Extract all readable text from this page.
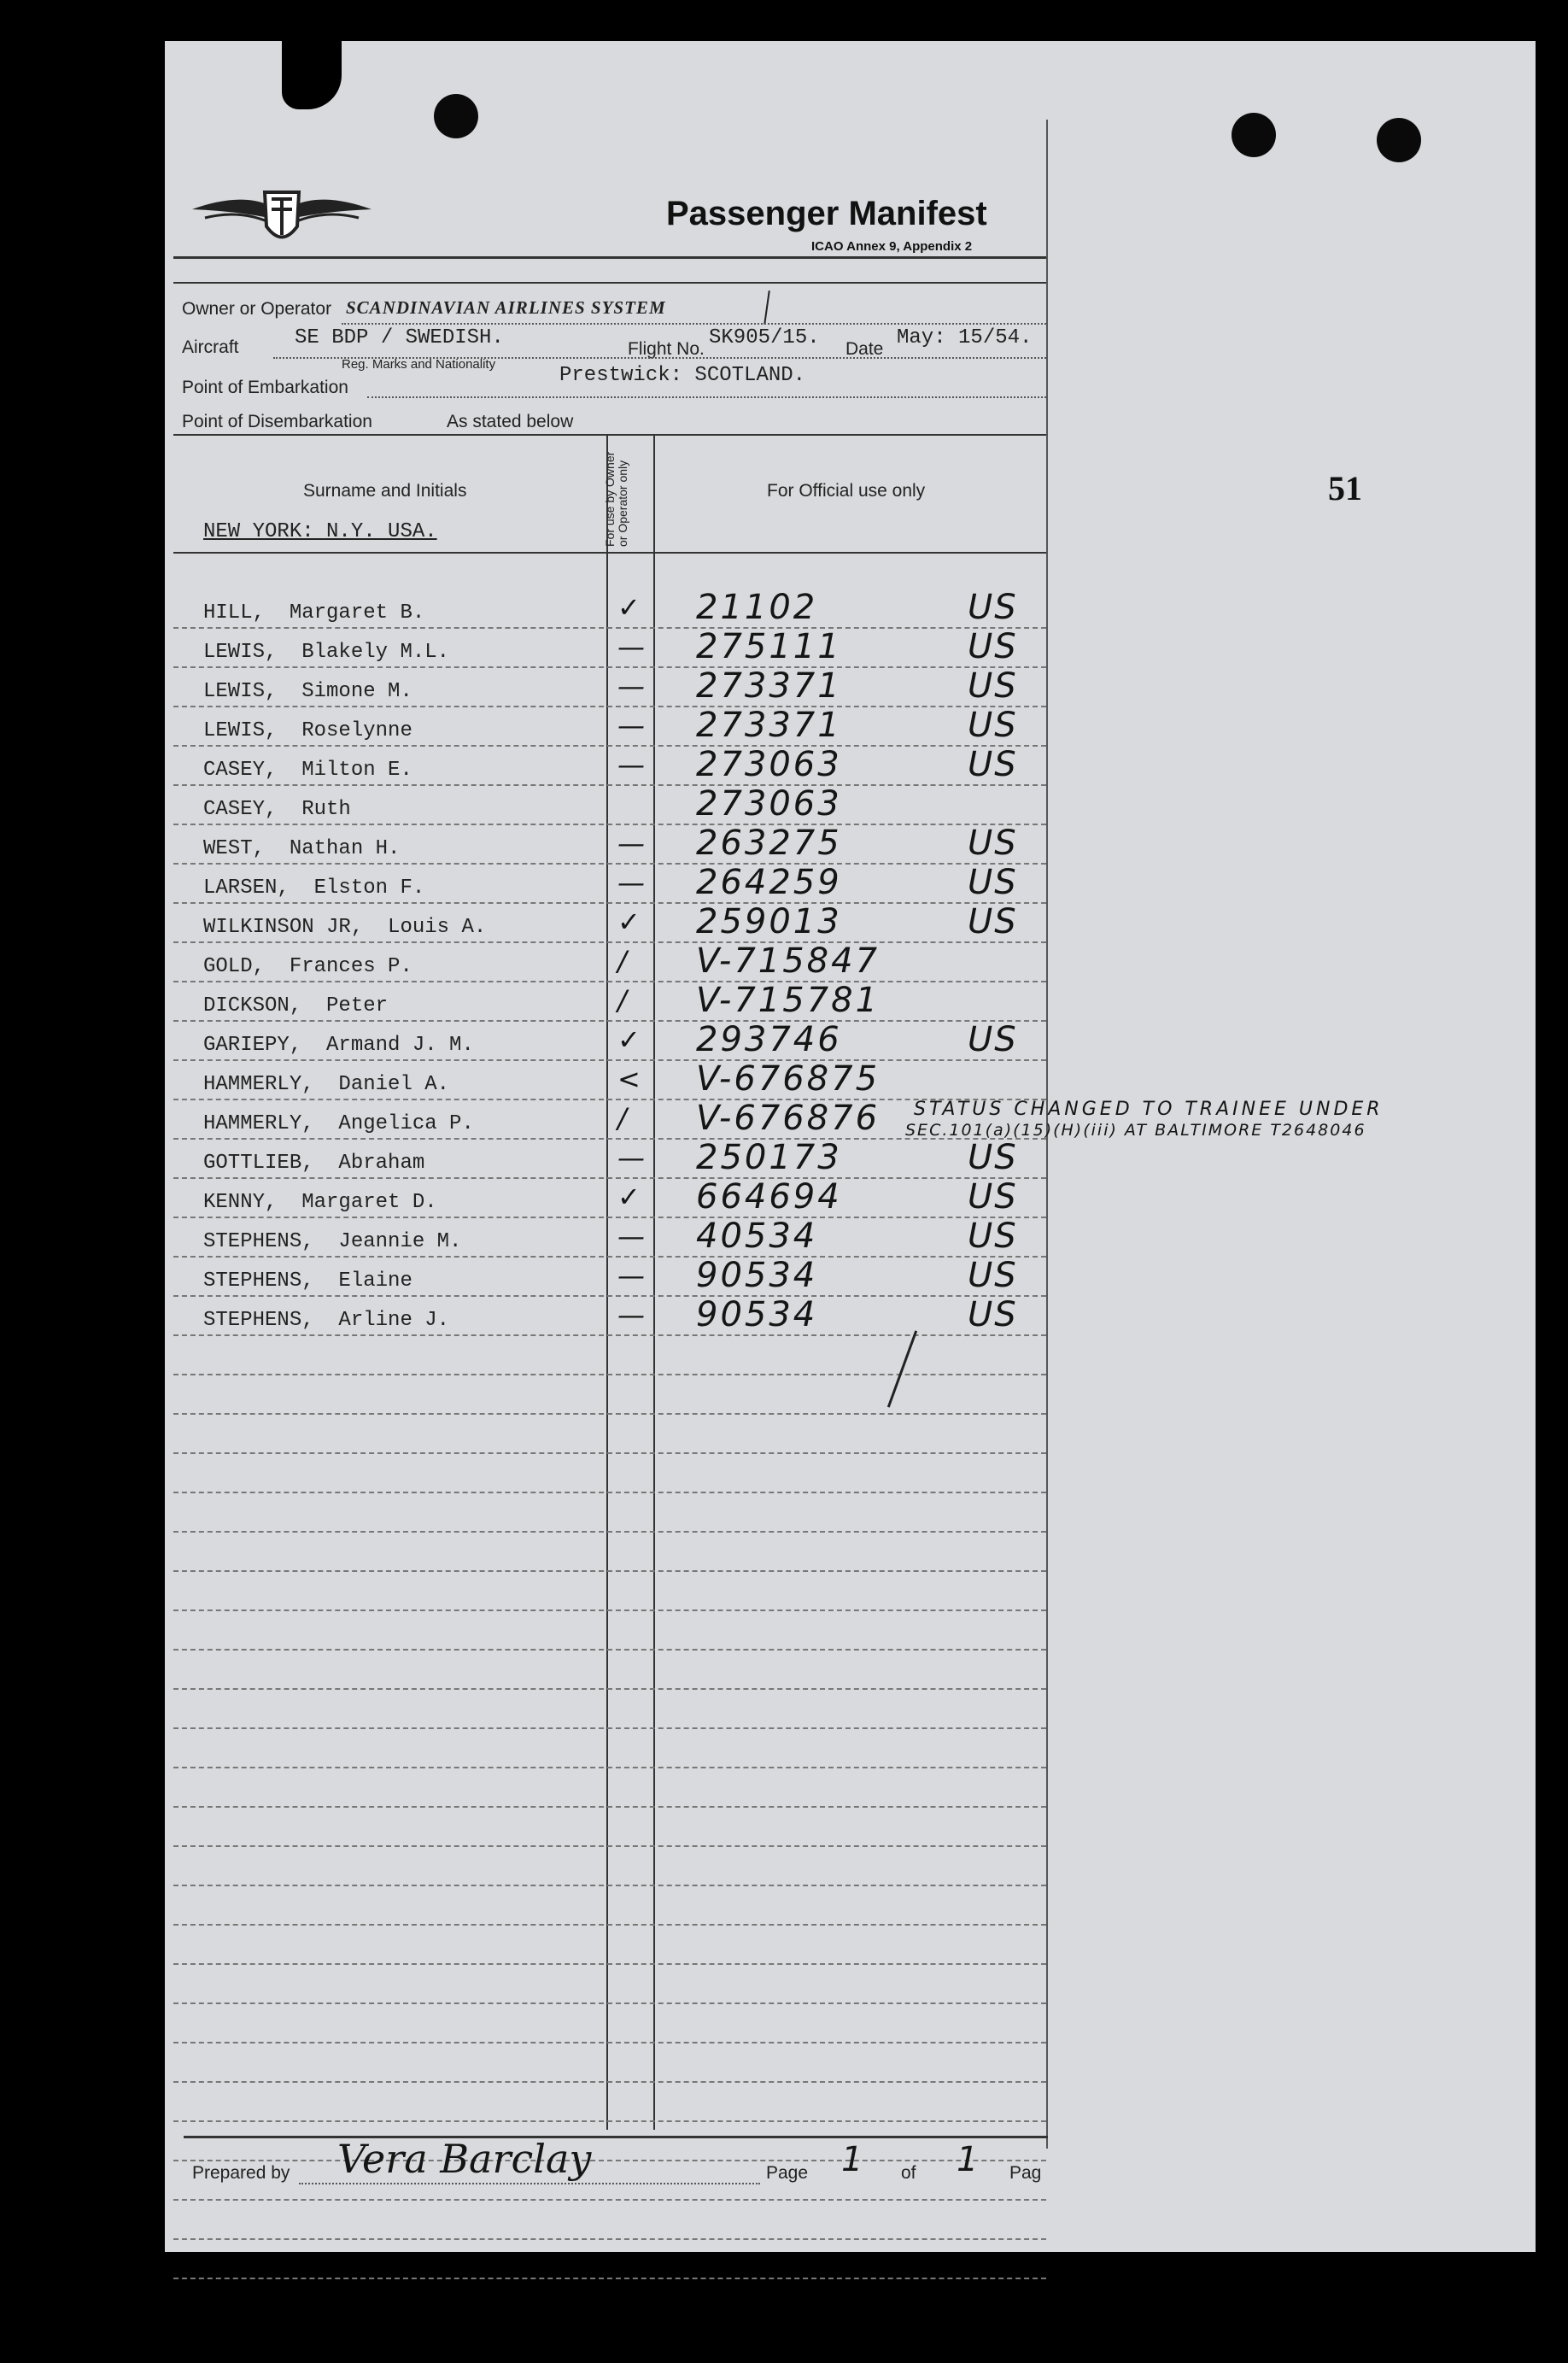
Passenger Manifest
ICAO Annex 9, Appendix 2
Owner or Operator SCANDINAVIAN AIRLINES SYSTEM
Aircraft	SE BDP / SWEDISH.	Flight No. SK905/15. Date May: 15/54.
Reg. Marks and Nationality
Point of Embarkation
Prestwick: SCOTLAND.
Point of Disembarkation	As stated below
Surname and Initials	For use by Owner or Operator only	For Official use only
NEW YORK: N.Y. USA.
51
HILL,  Margaret B.	✓ 21102	US
LEWIS,  Blakely M.L.	— 275111	US
LEWIS,  Simone M.	— 273371	US
LEWIS,  Roselynne	— 273371	US
CASEY,  Milton E.	— 273063	US
CASEY,  Ruth	273063
WEST,  Nathan H.	— 263275	US
LARSEN,  Elston F.	— 264259	US
WILKINSON JR,  Louis A.	✓ 259013	US
GOLD,  Frances P.	/ V-715847
DICKSON,  Peter	/ V-715781
GARIEPY,  Armand J. M.	✓ 293746	US
HAMMERLY,  Daniel A.	< V-676875
HAMMERLY,  Angelica P.	/ V-676876
GOTTLIEB,  Abraham	— 250173	US
KENNY,  Margaret D.	✓ 664694	US
STEPHENS,  Jeannie M.	— 40534	US
STEPHENS,  Elaine	— 90534	US
STEPHENS,  Arline J.	— 90534	US
STATUS CHANGED TO TRAINEE UNDER
SEC.101(a)(15)(H)(iii) AT BALTIMORE T2648046
Prepared by Vera Barclay	Page 1 of 1 Pag
